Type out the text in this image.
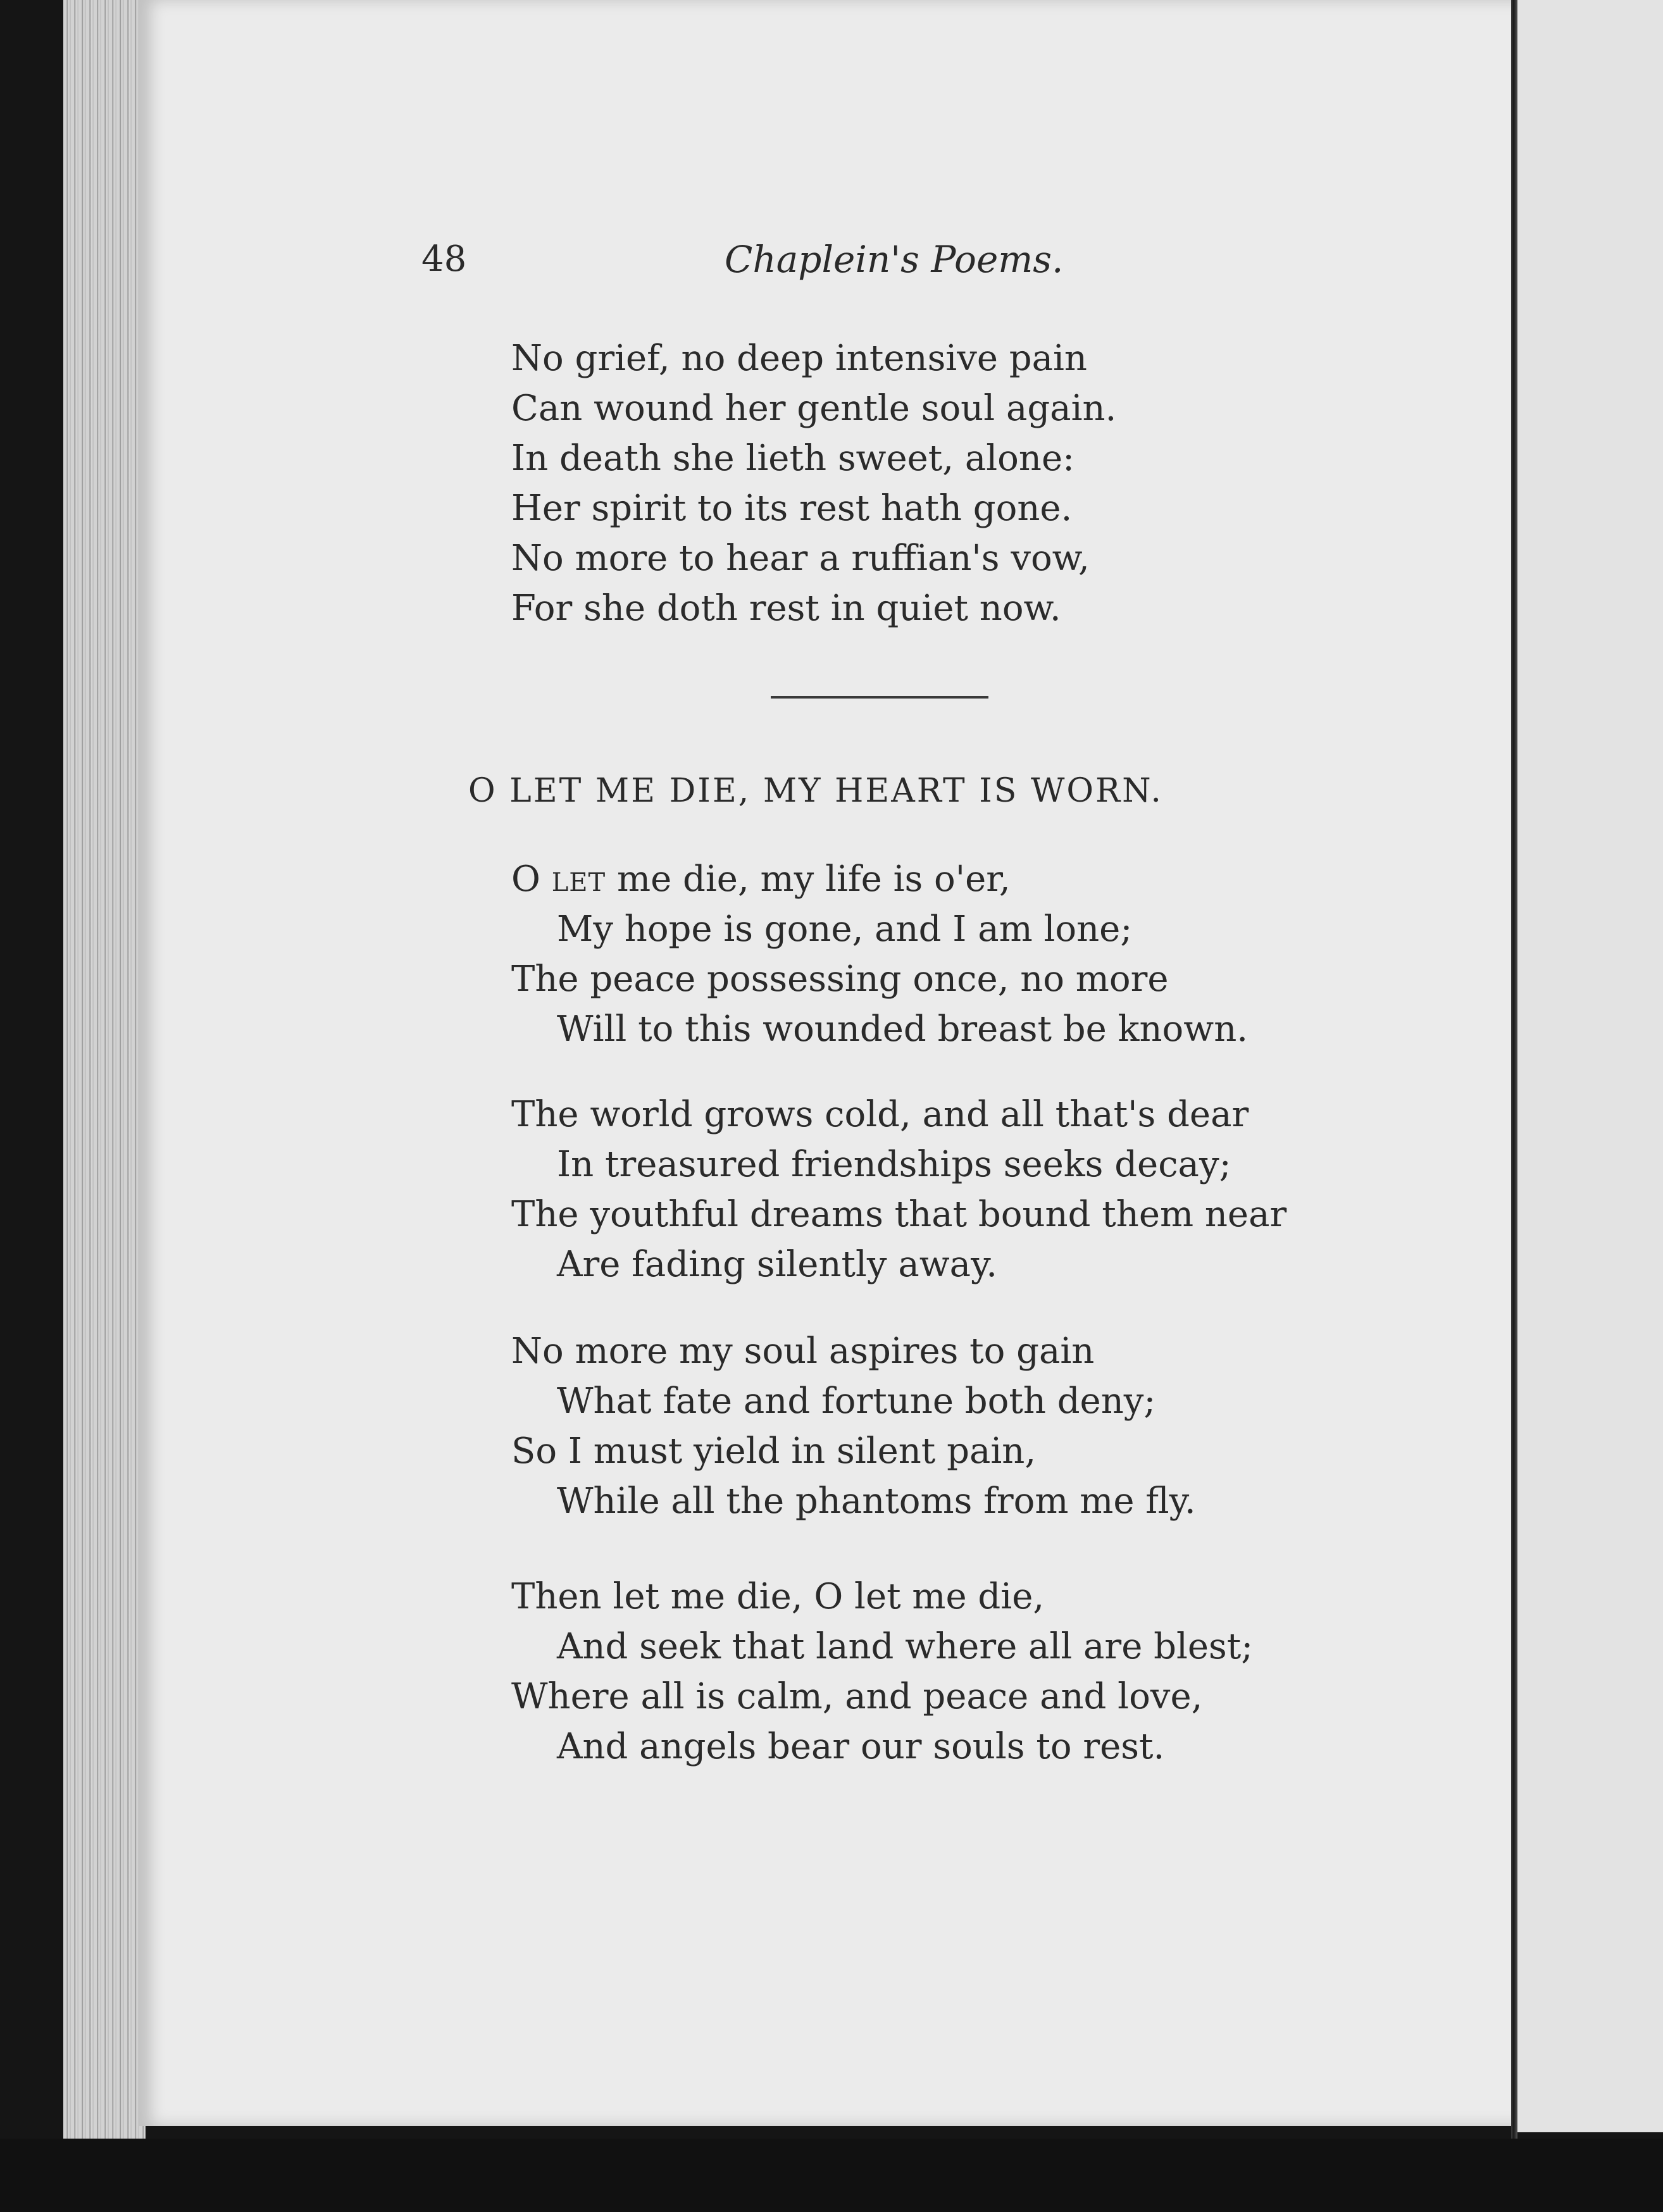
48	Chaplein's Poems.
No grief, no deep intensive pain
Can wound her gentle soul again.
In death she lieth sweet, alone:
Her spirit to its rest hath gone.
No more to hear a ruffian's vow,
For she doth rest in quiet now.
O LET ME DIE, MY HEART IS WORN.
O LET me die, my life is o'er,
My hope is gone, and I am lone;
The peace possessing once, no more
Will to this wounded breast be known.
The world grows cold, and all that's dear
In treasured friendships seeks decay;
The youthful dreams that bound them near
Are fading silently away.
No more my soul aspires to gain
What fate and fortune both deny;
So I must yield in silent pain,
While all the phantoms from me fly.
Then let me die, O let me die,
And seek that land where all are blest;
Where all is calm, and peace and love,
And angels bear our souls to rest.
